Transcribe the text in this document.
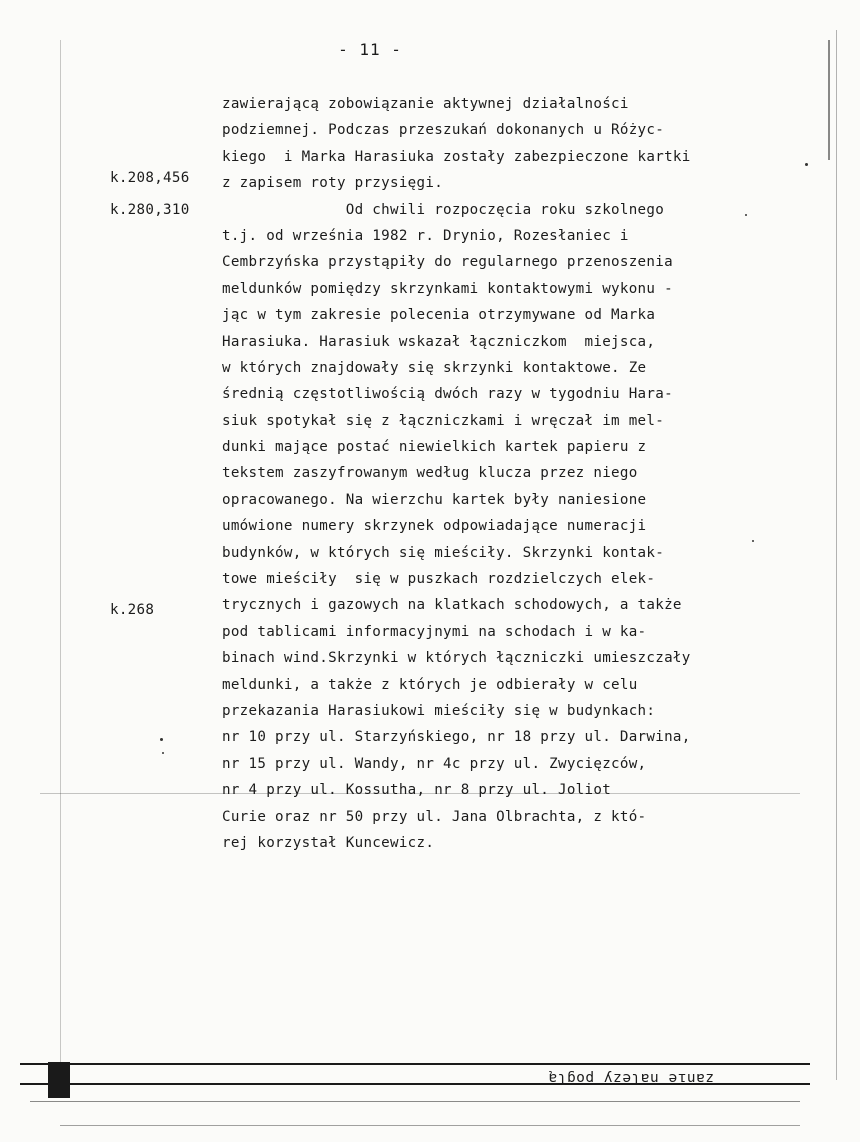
- 11 -
k.208,456
k.280,310
k.268
zawierającą zobowiązanie aktywnej działalności
podziemnej. Podczas przeszukań dokonanych u Różyc-
kiego  i Marka Harasiuka zostały zabezpieczone kartki
z zapisem roty przysięgi.
Od chwili rozpoczęcia roku szkolnego
t.j. od września 1982 r. Drynio, Rozesłaniec i
Cembrzyńska przystąpiły do regularnego przenoszenia
meldunków pomiędzy skrzynkami kontaktowymi wykonu -
jąc w tym zakresie polecenia otrzymywane od Marka
Harasiuka. Harasiuk wskazał łączniczkom  miejsca,
w których znajdowały się skrzynki kontaktowe. Ze
średnią częstotliwością dwóch razy w tygodniu Hara-
siuk spotykał się z łączniczkami i wręczał im mel-
dunki mające postać niewielkich kartek papieru z
tekstem zaszyfrowanym według klucza przez niego
opracowanego. Na wierzchu kartek były naniesione
umówione numery skrzynek odpowiadające numeracji
budynków, w których się mieściły. Skrzynki kontak-
towe mieściły  się w puszkach rozdzielczych elek-
trycznych i gazowych na klatkach schodowych, a także
pod tablicami informacyjnymi na schodach i w ka-
binach wind.Skrzynki w których łączniczki umieszczały
meldunki, a także z których je odbierały w celu
przekazania Harasiukowi mieściły się w budynkach:
nr 10 przy ul. Starzyńskiego, nr 18 przy ul. Darwina,
nr 15 przy ul. Wandy, nr 4c przy ul. Zwycięzców,
nr 4 przy ul. Kossutha, nr 8 przy ul. Joliot
Curie oraz nr 50 przy ul. Jana Olbrachta, z któ-
rej korzystał Kuncewicz.
zanie należy poglą
